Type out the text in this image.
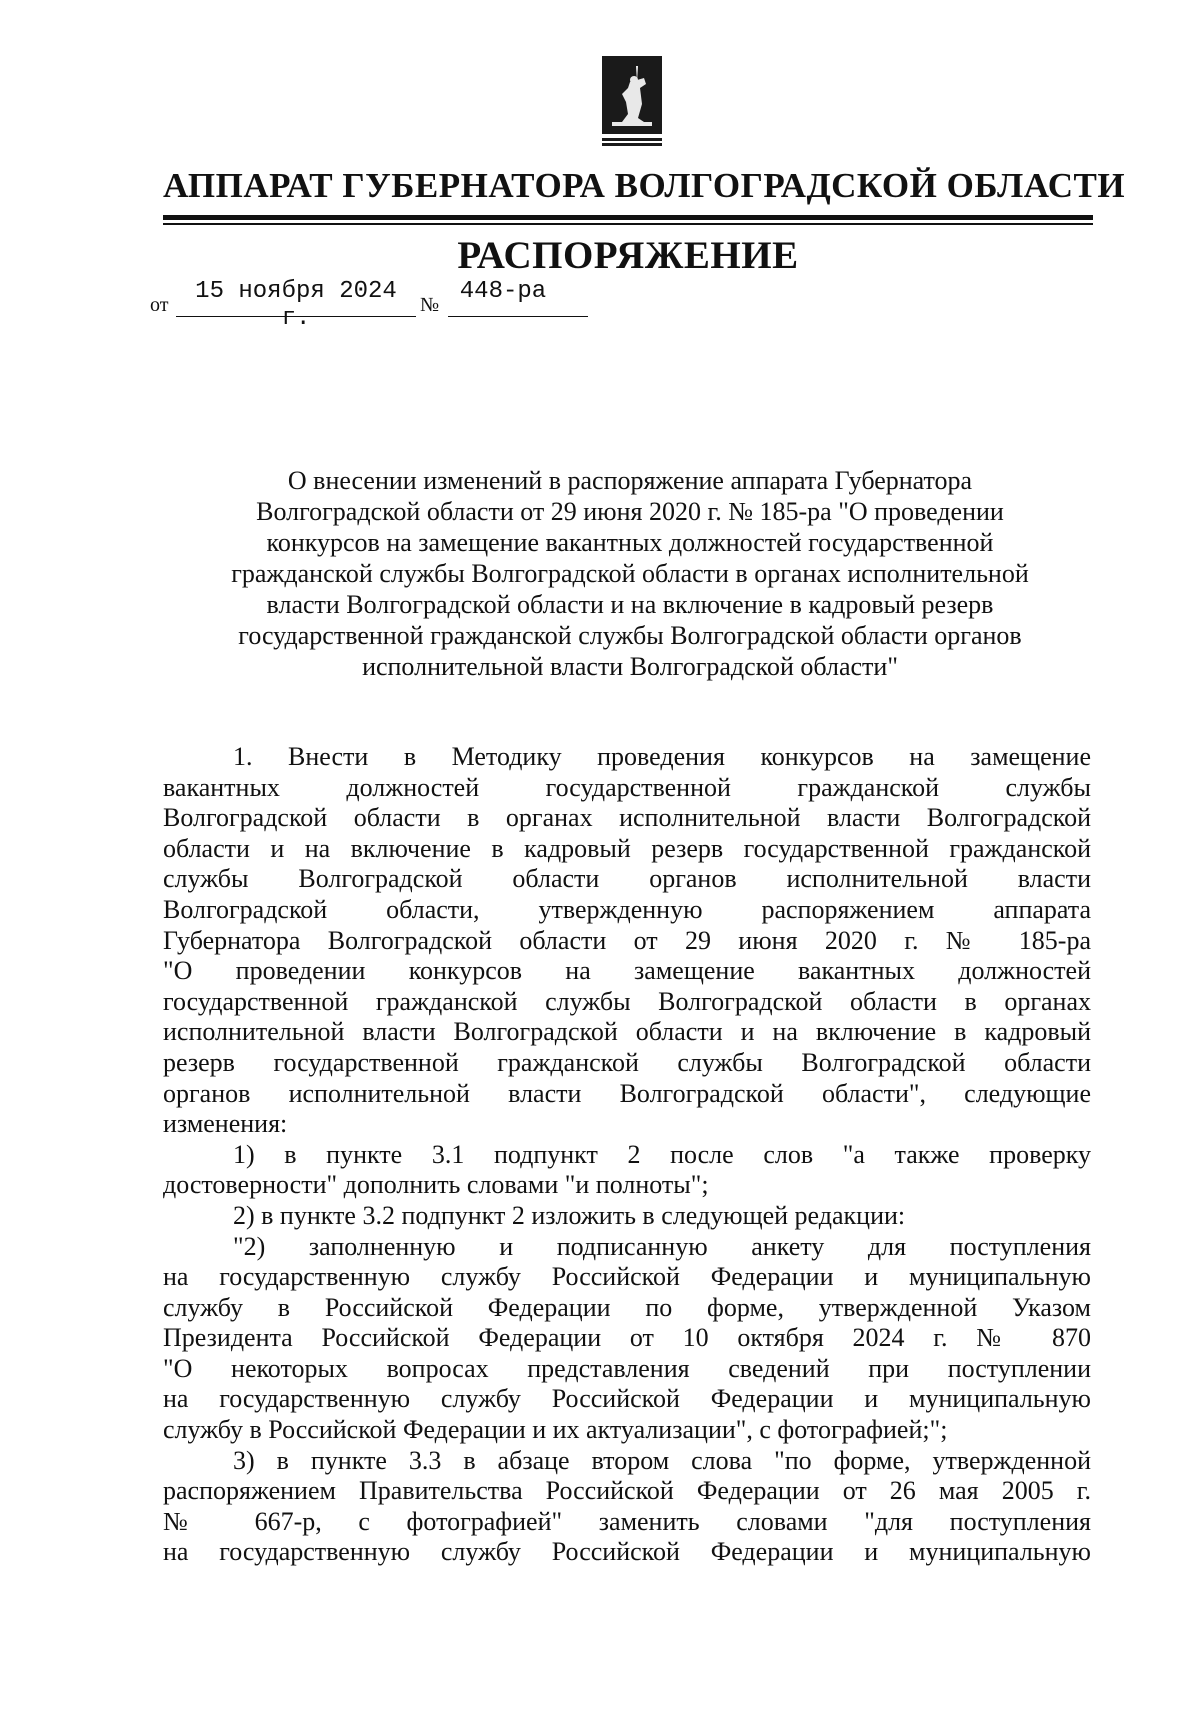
АППАРАТ ГУБЕРНАТОРА ВОЛГОГРАДСКОЙ ОБЛАСТИ
РАСПОРЯЖЕНИЕ
от	15 ноября 2024 г.	№ 448-ра
О внесении изменений в распоряжение аппарата Губернатора
Волгоградской области от 29 июня 2020 г. № 185-ра "О проведении
конкурсов на замещение вакантных должностей государственной
гражданской службы Волгоградской области в органах исполнительной
власти Волгоградской области и на включение в кадровый резерв
государственной гражданской службы Волгоградской области органов
исполнительной власти Волгоградской области"
1. Внести в Методику проведения конкурсов на замещение
вакантных должностей государственной гражданской службы
Волгоградской области в органах исполнительной власти Волгоградской
области и на включение в кадровый резерв государственной гражданской
службы Волгоградской области органов исполнительной власти
Волгоградской области, утвержденную распоряжением аппарата
Губернатора Волгоградской области от 29 июня 2020 г. № 185-ра
"О проведении конкурсов на замещение вакантных должностей
государственной гражданской службы Волгоградской области в органах
исполнительной власти Волгоградской области и на включение в кадровый
резерв государственной гражданской службы Волгоградской области
органов исполнительной власти Волгоградской области", следующие
изменения:
1) в пункте 3.1 подпункт 2 после слов "а также проверку
достоверности" дополнить словами "и полноты";
2) в пункте 3.2 подпункт 2 изложить в следующей редакции:
"2) заполненную и подписанную анкету для поступления
на государственную службу Российской Федерации и муниципальную
службу в Российской Федерации по форме, утвержденной Указом
Президента Российской Федерации от 10 октября 2024 г. № 870
"О некоторых вопросах представления сведений при поступлении
на государственную службу Российской Федерации и муниципальную
службу в Российской Федерации и их актуализации", с фотографией;";
3) в пункте 3.3 в абзаце втором слова "по форме, утвержденной
распоряжением Правительства Российской Федерации от 26 мая 2005 г.
№ 667-р, с фотографией" заменить словами "для поступления
на государственную службу Российской Федерации и муниципальную
